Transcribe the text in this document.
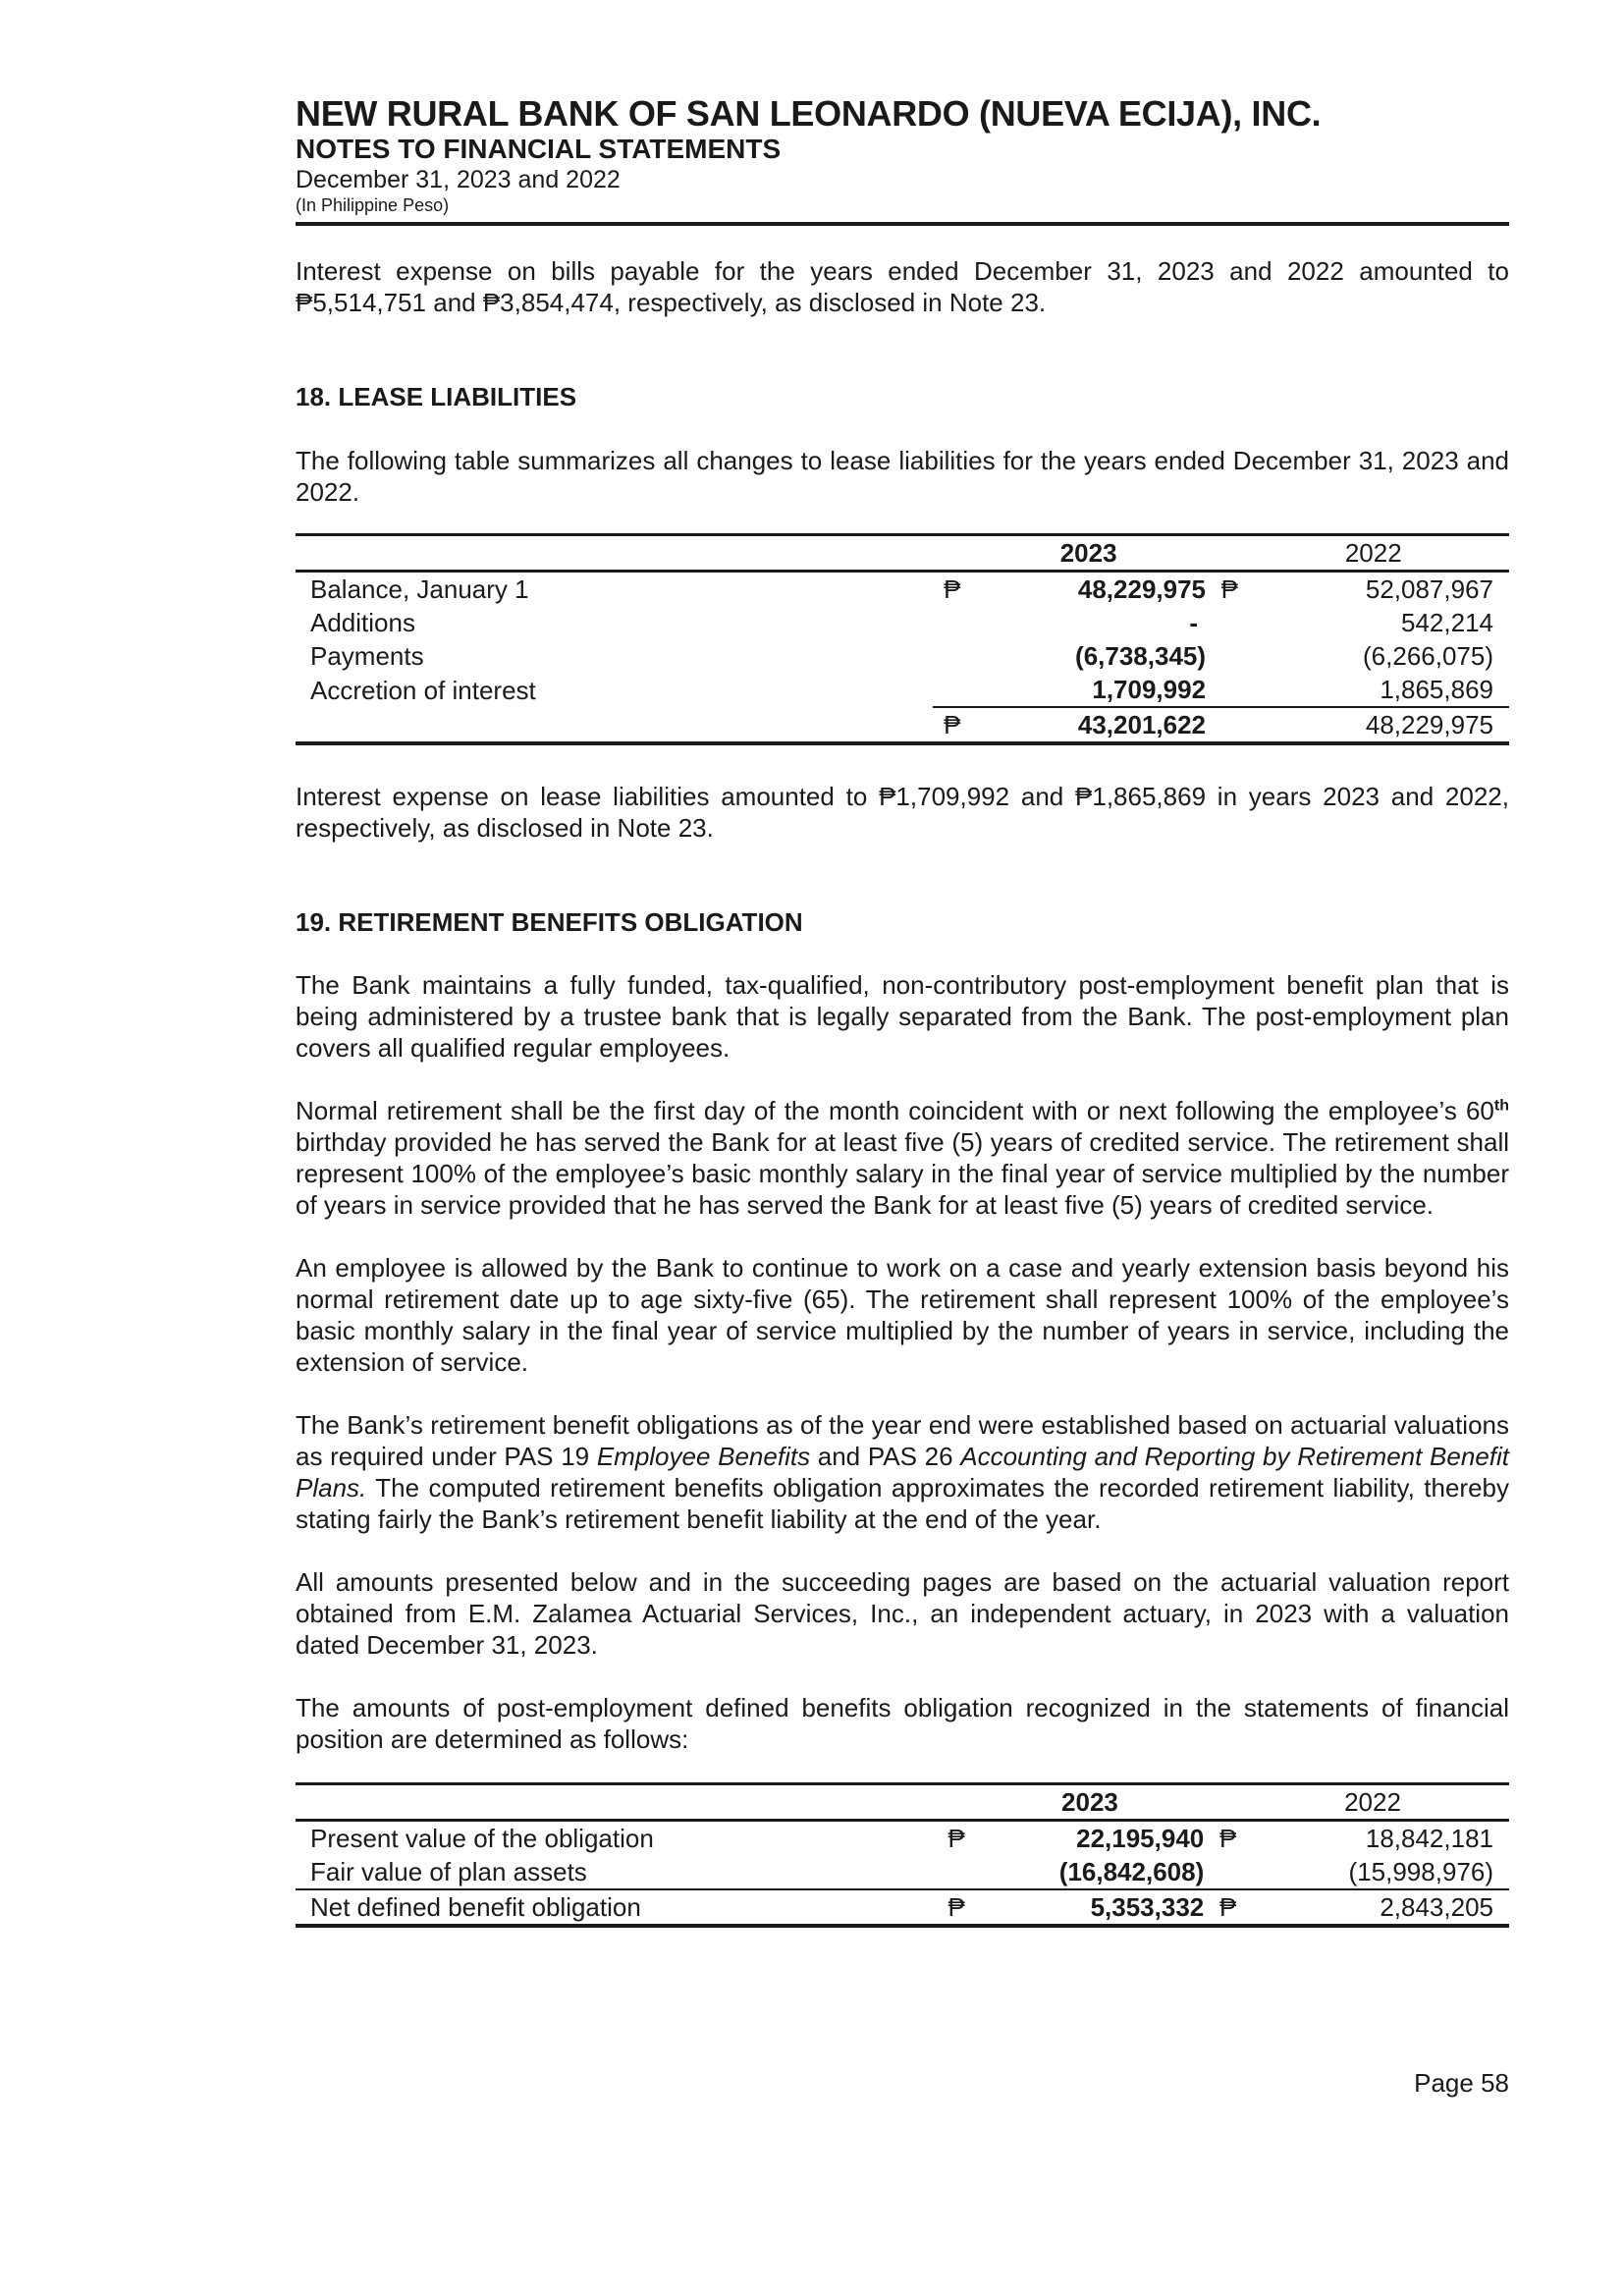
NEW RURAL BANK OF SAN LEONARDO (NUEVA ECIJA), INC.
NOTES TO FINANCIAL STATEMENTS
December 31, 2023 and 2022
(In Philippine Peso)

Interest expense on bills payable for the years ended December 31, 2023 and 2022 amounted to ₱5,514,751 and ₱3,854,474, respectively, as disclosed in Note 23.

18. LEASE LIABILITIES

The following table summarizes all changes to lease liabilities for the years ended December 31, 2023 and 2022.

		2023		2022
Balance, January 1	₱	48,229,975	₱	52,087,967
Additions		-		542,214
Payments		(6,738,345)		(6,266,075)
Accretion of interest		1,709,992		1,865,869
	₱	43,201,622		48,229,975

Interest expense on lease liabilities amounted to ₱1,709,992 and ₱1,865,869 in years 2023 and 2022, respectively, as disclosed in Note 23.

19. RETIREMENT BENEFITS OBLIGATION

The Bank maintains a fully funded, tax-qualified, non-contributory post-employment benefit plan that is being administered by a trustee bank that is legally separated from the Bank. The post-employment plan covers all qualified regular employees.

Normal retirement shall be the first day of the month coincident with or next following the employee’s 60th birthday provided he has served the Bank for at least five (5) years of credited service. The retirement shall represent 100% of the employee’s basic monthly salary in the final year of service multiplied by the number of years in service provided that he has served the Bank for at least five (5) years of credited service.

An employee is allowed by the Bank to continue to work on a case and yearly extension basis beyond his normal retirement date up to age sixty-five (65). The retirement shall represent 100% of the employee’s basic monthly salary in the final year of service multiplied by the number of years in service, including the extension of service.

The Bank’s retirement benefit obligations as of the year end were established based on actuarial valuations as required under PAS 19 Employee Benefits and PAS 26 Accounting and Reporting by Retirement Benefit Plans. The computed retirement benefits obligation approximates the recorded retirement liability, thereby stating fairly the Bank’s retirement benefit liability at the end of the year.

All amounts presented below and in the succeeding pages are based on the actuarial valuation report obtained from E.M. Zalamea Actuarial Services, Inc., an independent actuary, in 2023 with a valuation dated December 31, 2023.

The amounts of post-employment defined benefits obligation recognized in the statements of financial position are determined as follows:

		2023		2022
Present value of the obligation	₱	22,195,940	₱	18,842,181
Fair value of plan assets		(16,842,608)		(15,998,976)
Net defined benefit obligation	₱	5,353,332	₱	2,843,205
Page 58
